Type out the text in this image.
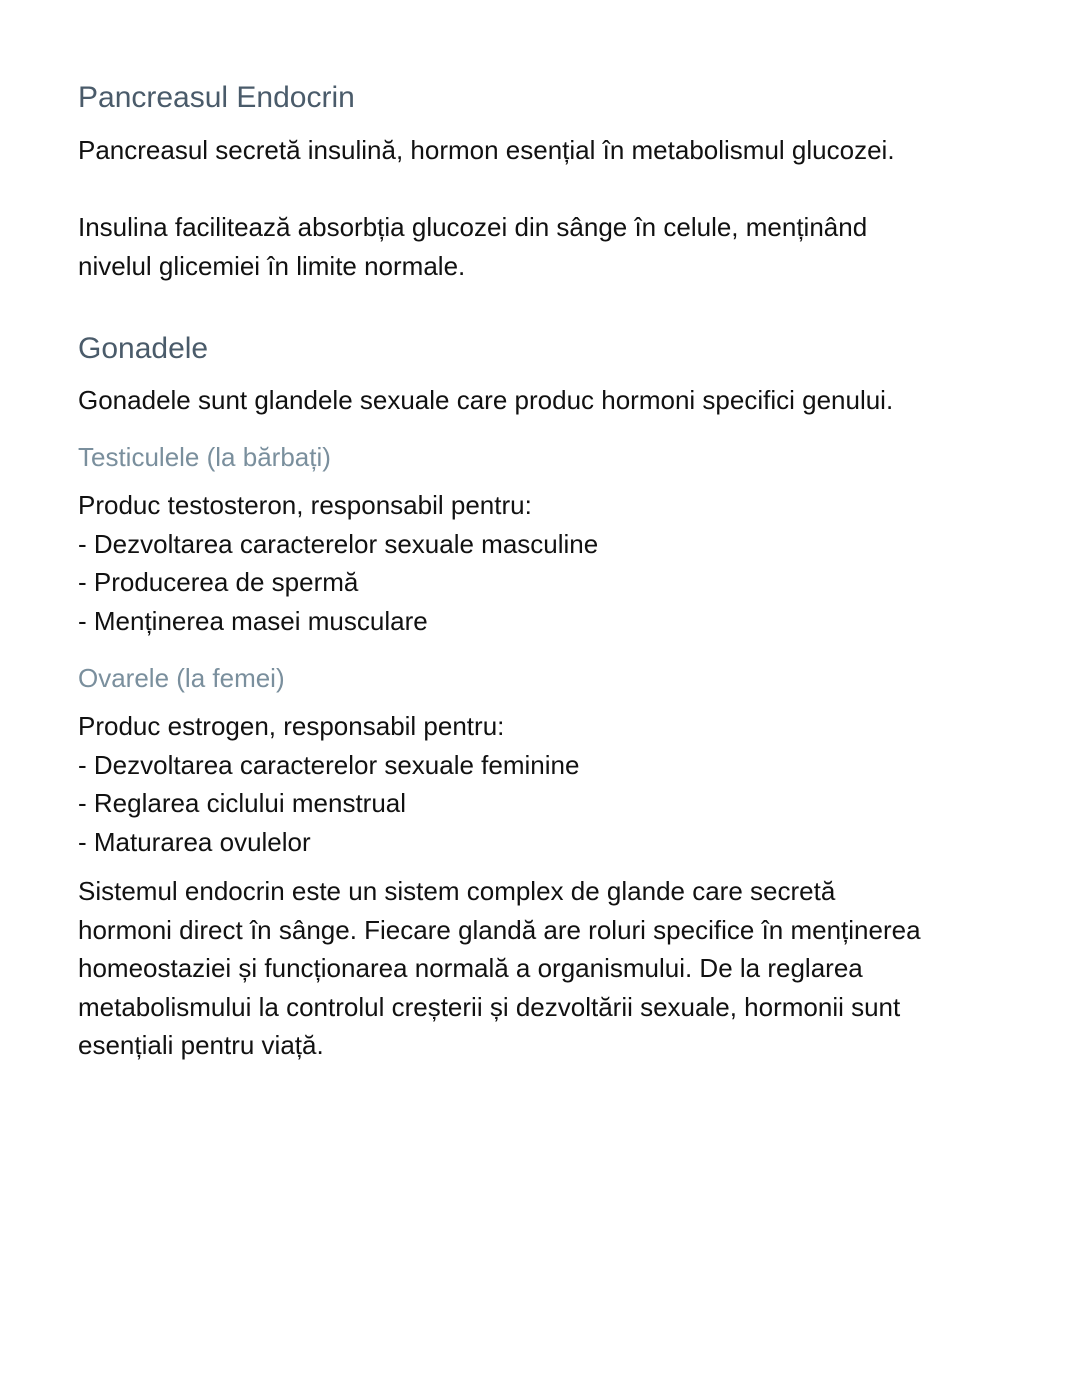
Pancreasul Endocrin
Pancreasul secretă insulină, hormon esențial în metabolismul glucozei.
Insulina facilitează absorbția glucozei din sânge în celule, menținând
nivelul glicemiei în limite normale.
Gonadele
Gonadele sunt glandele sexuale care produc hormoni specifici genului.
Testiculele (la bărbați)
Produc testosteron, responsabil pentru:
- Dezvoltarea caracterelor sexuale masculine
- Producerea de spermă
- Menținerea masei musculare
Ovarele (la femei)
Produc estrogen, responsabil pentru:
- Dezvoltarea caracterelor sexuale feminine
- Reglarea ciclului menstrual
- Maturarea ovulelor
Sistemul endocrin este un sistem complex de glande care secretă
hormoni direct în sânge. Fiecare glandă are roluri specifice în menținerea
homeostaziei și funcționarea normală a organismului. De la reglarea
metabolismului la controlul creșterii și dezvoltării sexuale, hormonii sunt
esențiali pentru viață.
